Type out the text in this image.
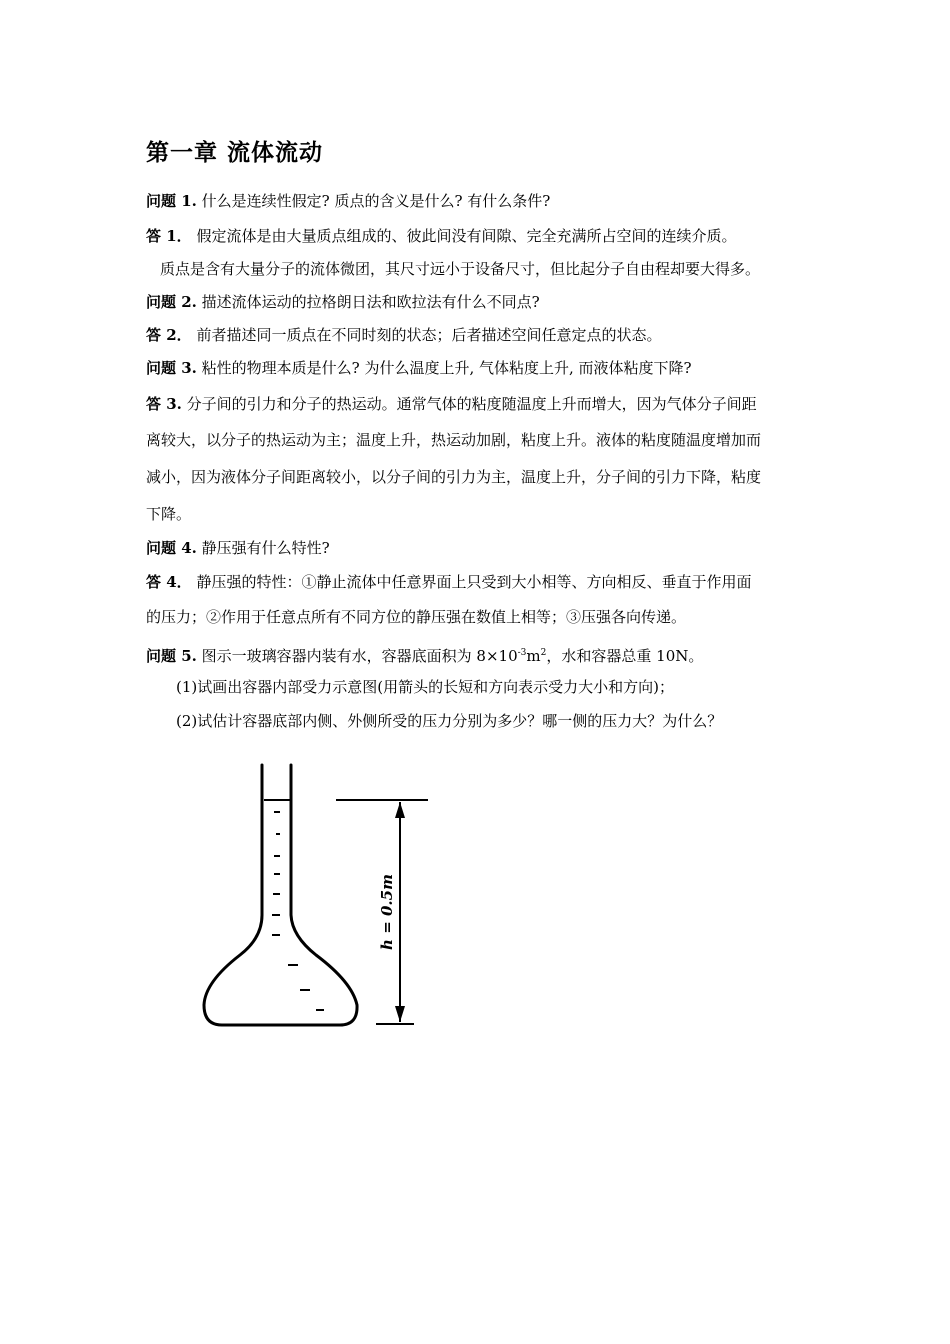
第一章 流体流动
问题 1. 什么是连续性假定? 质点的含义是什么? 有什么条件?
答 1． 假定流体是由大量质点组成的、彼此间没有间隙、完全充满所占空间的连续介质。
质点是含有大量分子的流体微团，其尺寸远小于设备尺寸，但比起分子自由程却要大得多。
问题 2. 描述流体运动的拉格朗日法和欧拉法有什么不同点?
答 2． 前者描述同一质点在不同时刻的状态；后者描述空间任意定点的状态。
问题 3. 粘性的物理本质是什么? 为什么温度上升, 气体粘度上升, 而液体粘度下降?
答 3. 分子间的引力和分子的热运动。通常气体的粘度随温度上升而增大，因为气体分子间距
离较大，以分子的热运动为主；温度上升，热运动加剧，粘度上升。液体的粘度随温度增加而
减小，因为液体分子间距离较小，以分子间的引力为主，温度上升，分子间的引力下降，粘度
下降。
问题 4. 静压强有什么特性?
答 4． 静压强的特性：①静止流体中任意界面上只受到大小相等、方向相反、垂直于作用面
的压力；②作用于任意点所有不同方位的静压强在数值上相等；③压强各向传递。
问题 5. 图示一玻璃容器内装有水，容器底面积为 $8\times 10^{-3}m^2$，水和容器总重 10N。
(1)试画出容器内部受力示意图(用箭头的长短和方向表示受力大小和方向)；
(2)试估计容器底部内侧、外侧所受的压力分别为多少？哪一侧的压力大？为什么？
h = 0.5m
